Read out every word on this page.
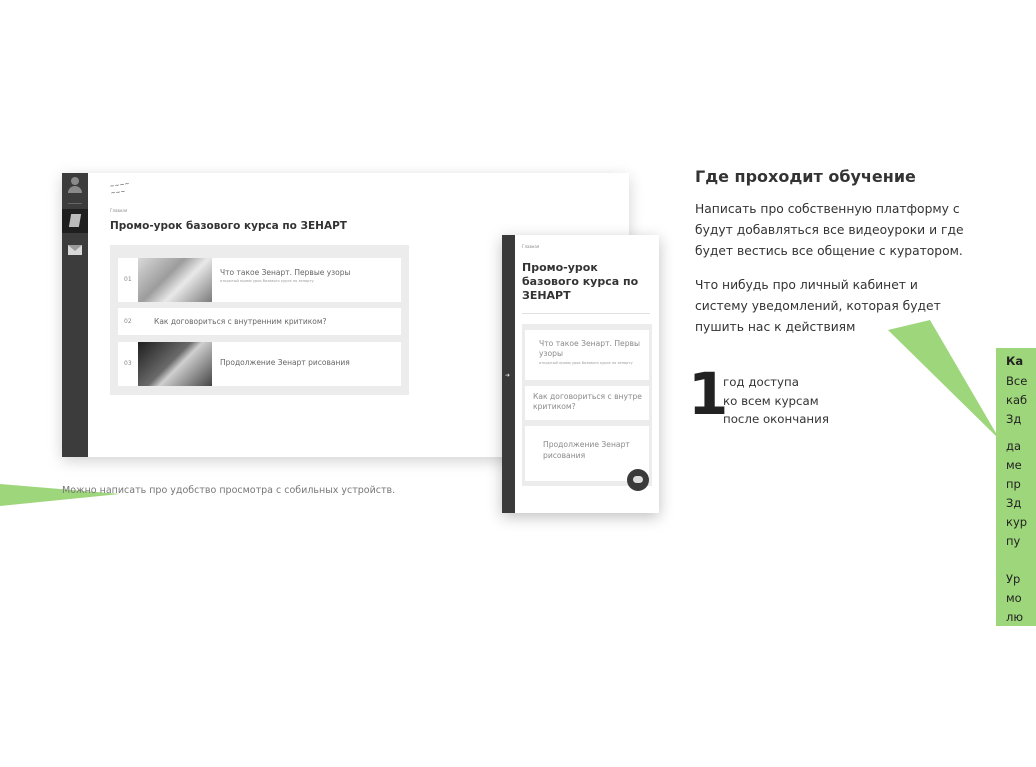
~~~~
~~~
Главная
Промо-урок базового курса по ЗЕНАРТ
01
Что такое Зенарт. Первые узоры
открытый промо урок базового курса по зенарту
02	Как договориться с внутренним критиком?
03	Продолжение Зенарт рисования
Можно написать про удобство просмотра с собильных устройств.
➜
Главная
Промо-урок базового курса по ЗЕНАРТ
Что такое Зенарт. Первы
узоры
открытый промо урок базового курса по зенарту
Как договориться с внутре
критиком?
Продолжение Зенарт
рисования
Где проходит обучение
Написать про собственную платформу с
будут добавляться все видеоуроки и где
будет вестись все общение с куратором.
Что нибудь про личный кабинет и
систему уведомлений, которая будет
пушить нас к действиям
1
год доступа
ко всем курсам
после окончания
Ка
Все
каб
Зд
да
ме
пр
Зд
кур
пу
Ур
мо
лю
